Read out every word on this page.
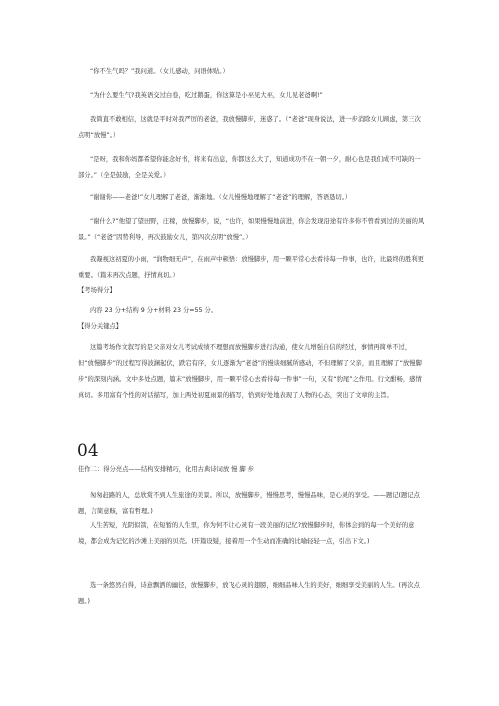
“你不生气吗？”我问道。（女儿感动，问语体贴。）

“为什么要生气?我英语交过白卷，吃过鹅蛋，你这算是小巫见大巫，女儿见老爸啊!”

我简直不敢相信，这就是平时对我严厉的老爸，我放慢脚步，迷惑了。（“老爸”现身说法，进一步消除女儿顾虑，第三次点明“放慢”。）

“是呀，我和你妈都希望你能念好书，将来有出息，你都这么大了，知道成功不在一朝一夕，耐心也是我们成不可缺的一部分。”（全是鼓励，全是关爱。）

“谢谢你——老爸!”女儿理解了老爸，渐渐地。（女儿慢慢地理解了“老爸”的理解，答语恳切。）

“谢什么?”他望了望田野，庄稼，放慢脚步，说，“也许，如果慢慢地前进，你会发现沿途有许多你不曾看到过的美丽的风景。”（“老爸”因势利导，再次鼓励女儿，第四次点明“放慢”。）

我凝视这初夏的小雨，“润物细无声”，在雨声中顿悟：放慢脚步，用一颗平常心去看待每一件事，也许，比最终的胜利更重要。（篇末再次点题，抒情真切。）

【考场得分】

内容 23 分+结构 9 分+材料 23 分=55 分。

【得分关键点】

这篇考场作文叙写的是父亲对女儿考试成绩不理想而放慢脚步进行沟通，使女儿增强自信的经过，事情再简单不过，但“放慢脚步”的过程写得波澜起伏，跌宕有序，女儿逐渐为“老爸”的慢谈细腻所感动，不但理解了父亲，而且理解了“放慢脚步”的深刻内涵。文中多处点题，篇末“放慢脚步，用一颗平常心去看待每一件事”一句，又有“豹尾”之作用。行文酣畅，感情真切。多用富有个性的对话描写，加上两处初夏雨景的描写，恰到好处地表现了人物的心态，突出了文章的主旨。

04

佳作二：得分亮点——结构安排精巧，化用古典诗词放 慢 脚 步

匆匆赶路的人，总欣赏不到人生旅途的美景。所以，放慢脚步，慢慢思考，慢慢品味，是心灵的享受。——题记(题记点题，言简意赅，富有哲理。)

人生苦短，光阴似箭，在短暂的人生里，你为何不让心灵有一段美丽的记忆?放慢脚步时，你体会到的每一个美好的意境，都会成为记忆的沙滩上美丽的贝壳。(开篇设疑，接着用一个生动而准确的比喻轻轻一点，引出下文。)

选一条悠然自得，诗意飘洒的幽径，放慢脚步，放飞心灵的翅膀，细细品味人生的美好，细细享受美丽的人生。(再次点题。)
